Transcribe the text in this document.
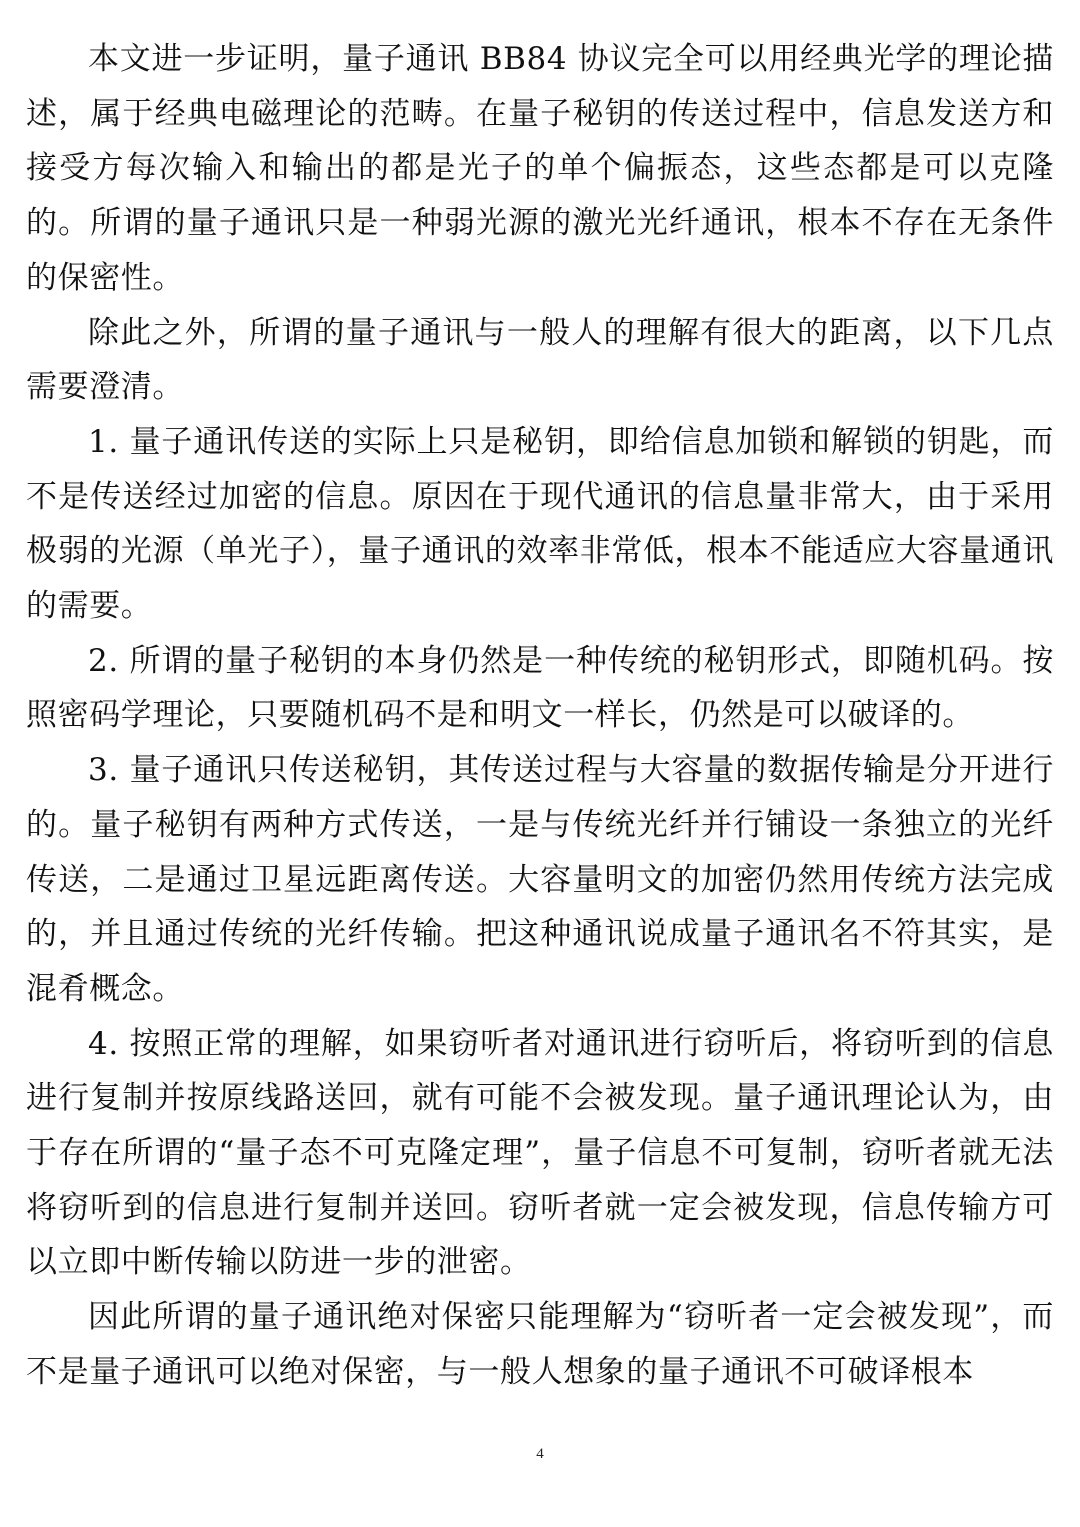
本文进一步证明，量子通讯 BB84 协议完全可以用经典光学的理论描述，属于经典电磁理论的范畴。在量子秘钥的传送过程中，信息发送方和接受方每次输入和输出的都是光子的单个偏振态，这些态都是可以克隆的。所谓的量子通讯只是一种弱光源的激光光纤通讯，根本不存在无条件的保密性。

除此之外，所谓的量子通讯与一般人的理解有很大的距离，以下几点需要澄清。

1. 量子通讯传送的实际上只是秘钥，即给信息加锁和解锁的钥匙，而不是传送经过加密的信息。原因在于现代通讯的信息量非常大，由于采用极弱的光源（单光子），量子通讯的效率非常低，根本不能适应大容量通讯的需要。

2. 所谓的量子秘钥的本身仍然是一种传统的秘钥形式，即随机码。按照密码学理论，只要随机码不是和明文一样长，仍然是可以破译的。

3. 量子通讯只传送秘钥，其传送过程与大容量的数据传输是分开进行的。量子秘钥有两种方式传送，一是与传统光纤并行铺设一条独立的光纤传送，二是通过卫星远距离传送。大容量明文的加密仍然用传统方法完成的，并且通过传统的光纤传输。把这种通讯说成量子通讯名不符其实，是混肴概念。

4. 按照正常的理解，如果窃听者对通讯进行窃听后，将窃听到的信息进行复制并按原线路送回，就有可能不会被发现。量子通讯理论认为，由于存在所谓的“量子态不可克隆定理”，量子信息不可复制，窃听者就无法将窃听到的信息进行复制并送回。窃听者就一定会被发现，信息传输方可以立即中断传输以防进一步的泄密。

因此所谓的量子通讯绝对保密只能理解为“窃听者一定会被发现”，而不是量子通讯可以绝对保密，与一般人想象的量子通讯不可破译根本

4
